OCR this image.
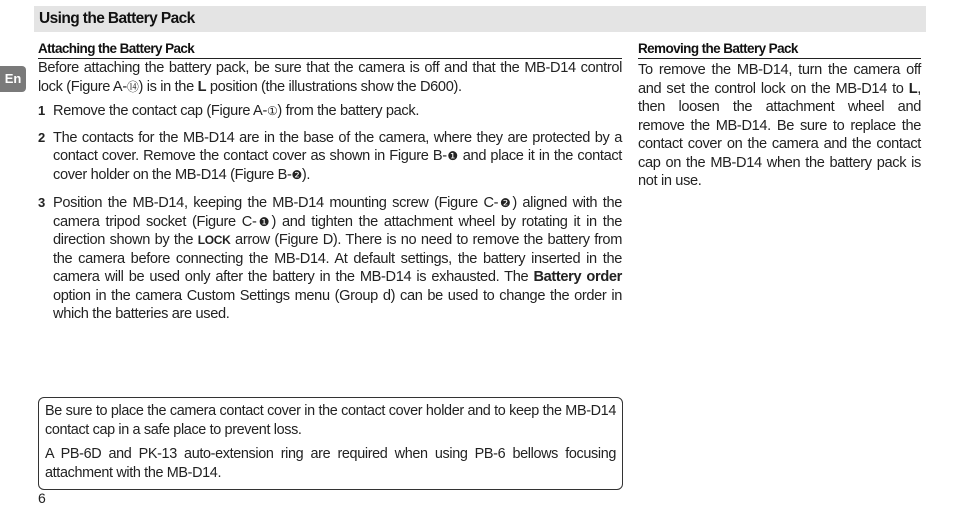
Using the Battery Pack
En
Attaching the Battery Pack

Before attaching the battery pack, be sure that the camera is off and that the MB-D14 control lock (Figure A-⑭) is in the L position (the illustrations show the D600).

1 Remove the contact cap (Figure A-①) from the battery pack.

2 The contacts for the MB-D14 are in the base of the camera, where they are protected by a contact cover. Remove the contact cover as shown in Figure B-❶ and place it in the contact cover holder on the MB-D14 (Figure B-❷).

3 Position the MB-D14, keeping the MB-D14 mounting screw (Figure C-❷) aligned with the camera tripod socket (Figure C-❶) and tighten the attachment wheel by rotating it in the direction shown by the LOCK arrow (Figure D). There is no need to remove the battery from the camera before connecting the MB-D14. At default settings, the battery inserted in the camera will be used only after the battery in the MB-D14 is exhausted. The Battery order option in the camera Custom Settings menu (Group d) can be used to change the order in which the batteries are used.

Removing the Battery Pack

To remove the MB-D14, turn the camera off and set the control lock on the MB-D14 to L, then loosen the attachment wheel and remove the MB-D14. Be sure to replace the contact cover on the camera and the contact cap on the MB-D14 when the battery pack is not in use.

Be sure to place the camera contact cover in the contact cover holder and to keep the MB-D14 contact cap in a safe place to prevent loss.

A PB-6D and PK-13 auto-extension ring are required when using PB-6 bellows focusing attachment with the MB-D14.

6
